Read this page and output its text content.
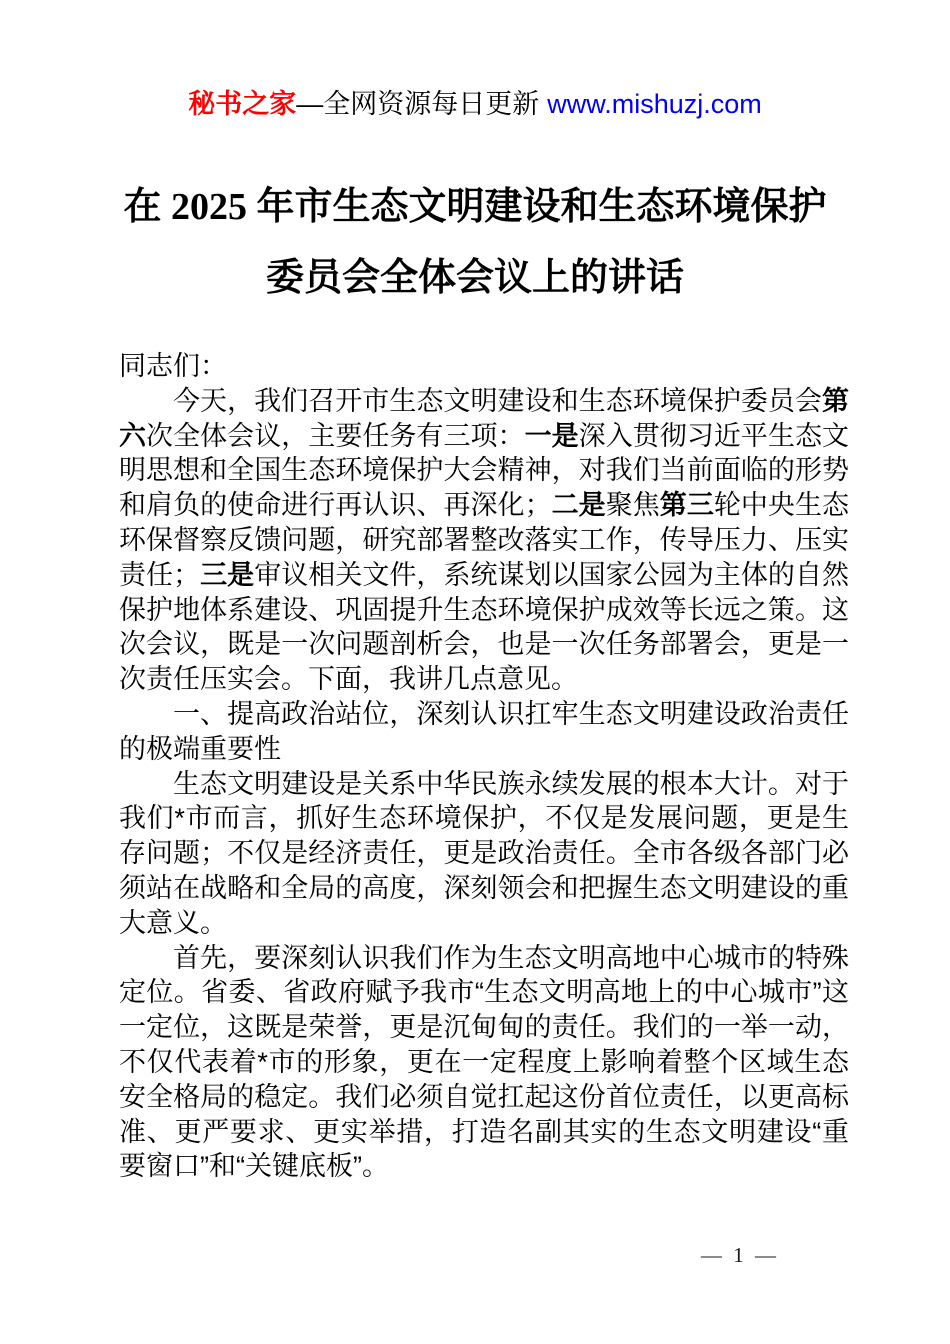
秘书之家—全网资源每日更新 www.mishuzj.com
在 2025 年市生态文明建设和生态环境保护
委员会全体会议上的讲话

同志们：

今天，我们召开市生态文明建设和生态环境保护委员会第六次全体会议，主要任务有三项：一是深入贯彻习近平生态文明思想和全国生态环境保护大会精神，对我们当前面临的形势和肩负的使命进行再认识、再深化；二是聚焦第三轮中央生态环保督察反馈问题，研究部署整改落实工作，传导压力、压实责任；三是审议相关文件，系统谋划以国家公园为主体的自然保护地体系建设、巩固提升生态环境保护成效等长远之策。这次会议，既是一次问题剖析会，也是一次任务部署会，更是一次责任压实会。下面，我讲几点意见。

一、提高政治站位，深刻认识扛牢生态文明建设政治责任的极端重要性

生态文明建设是关系中华民族永续发展的根本大计。对于我们*市而言，抓好生态环境保护，不仅是发展问题，更是生存问题；不仅是经济责任，更是政治责任。全市各级各部门必须站在战略和全局的高度，深刻领会和把握生态文明建设的重大意义。

首先，要深刻认识我们作为生态文明高地中心城市的特殊定位。省委、省政府赋予我市“生态文明高地上的中心城市”这一定位，这既是荣誉，更是沉甸甸的责任。我们的一举一动，不仅代表着*市的形象，更在一定程度上影响着整个区域生态安全格局的稳定。我们必须自觉扛起这份首位责任，以更高标准、更严要求、更实举措，打造名副其实的生态文明建设“重要窗口”和“关键底板”。

— 1 —
